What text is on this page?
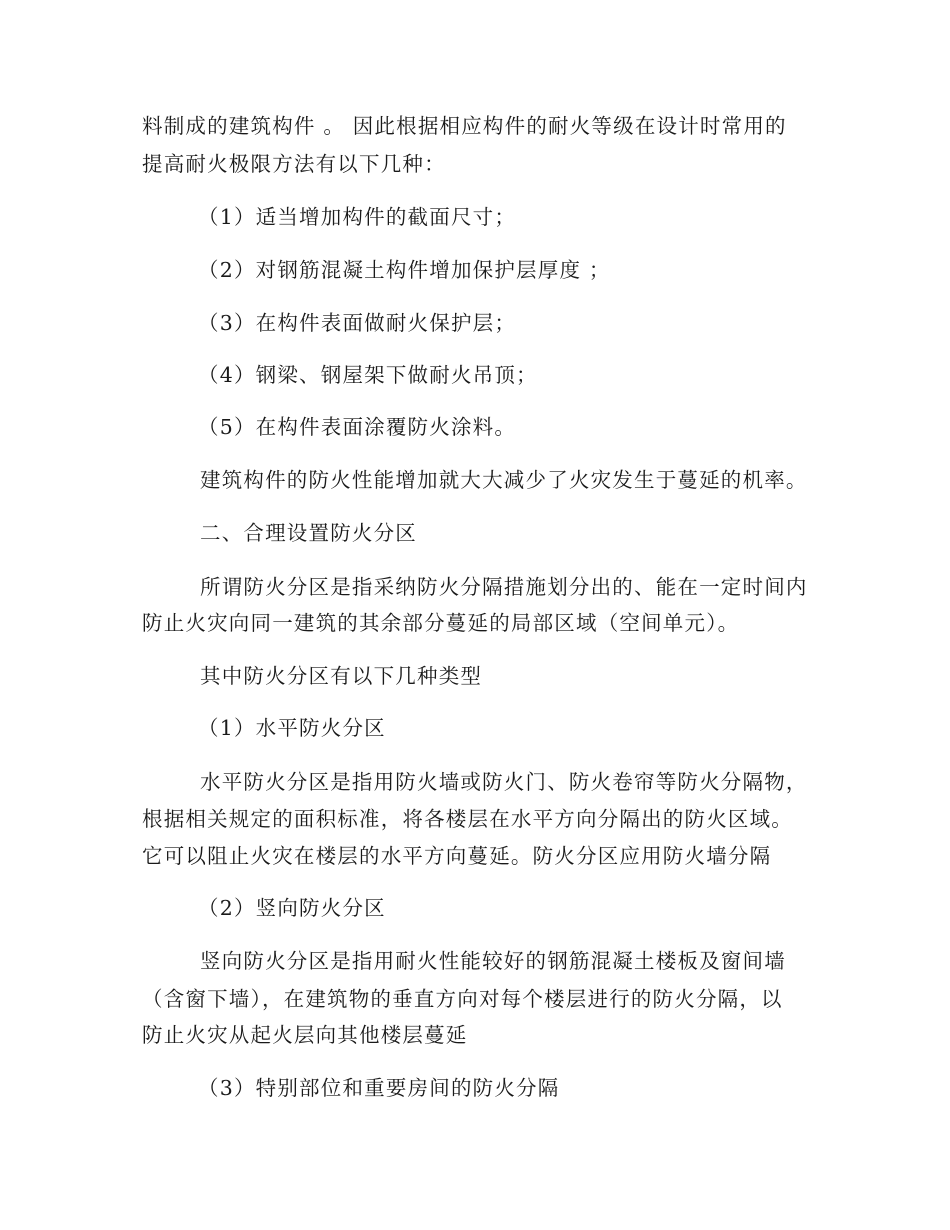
料制成的建筑构件 。 因此根据相应构件的耐火等级在设计时常用的
提高耐火极限方法有以下几种：
（1）适当增加构件的截面尺寸；
（2）对钢筋混凝土构件增加保护层厚度 ；
（3）在构件表面做耐火保护层；
（4）钢梁、钢屋架下做耐火吊顶；
（5）在构件表面涂覆防火涂料。
建筑构件的防火性能增加就大大减少了火灾发生于蔓延的机率。
二、合理设置防火分区
所谓防火分区是指采纳防火分隔措施划分出的、能在一定时间内
防止火灾向同一建筑的其余部分蔓延的局部区域（空间单元）。
其中防火分区有以下几种类型
（1）水平防火分区
水平防火分区是指用防火墙或防火门、防火卷帘等防火分隔物，
根据相关规定的面积标准，将各楼层在水平方向分隔出的防火区域。
它可以阻止火灾在楼层的水平方向蔓延。防火分区应用防火墙分隔
（2）竖向防火分区
竖向防火分区是指用耐火性能较好的钢筋混凝土楼板及窗间墙
（含窗下墙），在建筑物的垂直方向对每个楼层进行的防火分隔，以
防止火灾从起火层向其他楼层蔓延
（3）特别部位和重要房间的防火分隔
